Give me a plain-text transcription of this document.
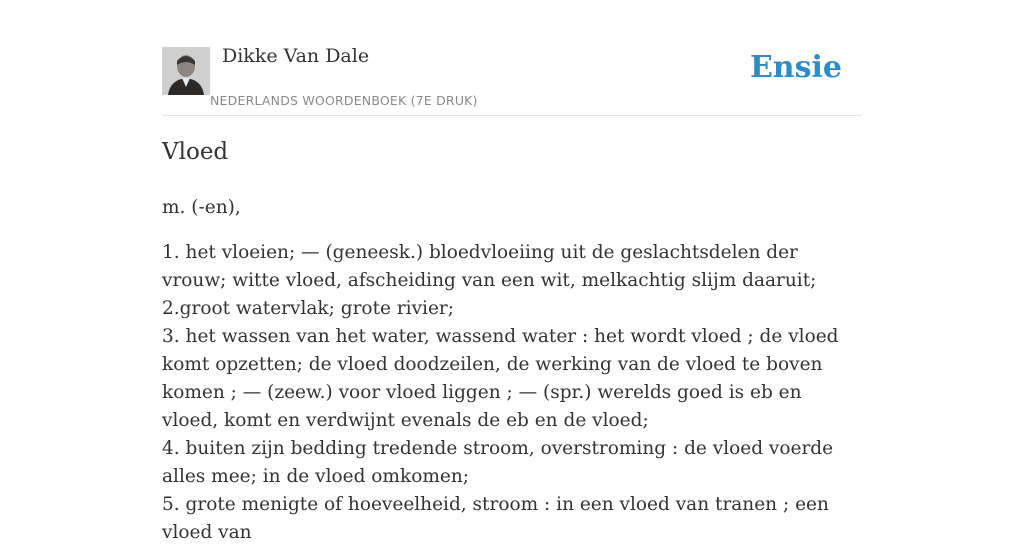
Dikke Van Dale
NEDERLANDS WOORDENBOEK (7E DRUK)
Ensie
Vloed
m. (-en),
1. het vloeien; — (geneesk.) bloedvloeiing uit de geslachtsdelen der vrouw; witte vloed, afscheiding van een wit, melkachtig slijm daaruit;
2.groot watervlak; grote rivier;
3. het wassen van het water, wassend water : het wordt vloed ; de vloed komt opzetten; de vloed doodzeilen, de werking van de vloed te boven komen ; — (zeew.) voor vloed liggen ; — (spr.) werelds goed is eb en vloed, komt en verdwijnt evenals de eb en de vloed;
4. buiten zijn bedding tredende stroom, overstroming : de vloed voerde alles mee; in de vloed omkomen;
5. grote menigte of hoeveelheid, stroom : in een vloed van tranen ; een vloed van
